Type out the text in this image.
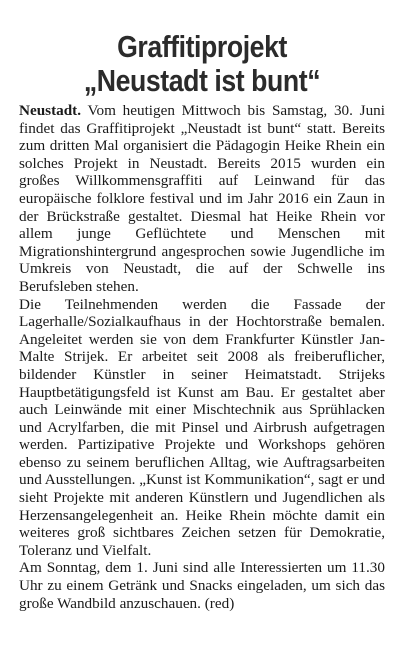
Graffitiprojekt
„Neustadt ist bunt“

Neustadt. Vom heutigen Mittwoch bis Samstag, 30. Juni findet das Graffitiprojekt „Neustadt ist bunt“ statt. Bereits zum dritten Mal organisiert die Pädagogin Heike Rhein ein solches Projekt in Neustadt. Bereits 2015 wurden ein großes Willkommensgraffiti auf Leinwand für das europäische folklore festival und im Jahr 2016 ein Zaun in der Brückstraße gestaltet. Diesmal hat Heike Rhein vor allem junge Geflüchtete und Menschen mit Migrationshintergrund angesprochen sowie Jugendliche im Umkreis von Neustadt, die auf der Schwelle ins Berufsleben stehen.

Die Teilnehmenden werden die Fassade der Lagerhalle/Sozialkaufhaus in der Hochtorstraße bemalen. Angeleitet werden sie von dem Frankfurter Künstler Jan-Malte Strijek. Er arbeitet seit 2008 als freiberuflicher, bildender Künstler in seiner Heimatstadt. Strijeks Hauptbetätigungsfeld ist Kunst am Bau. Er gestaltet aber auch Leinwände mit einer Mischtechnik aus Sprühlacken und Acrylfarben, die mit Pinsel und Airbrush aufgetragen werden. Partizipative Projekte und Workshops gehören ebenso zu seinem beruflichen Alltag, wie Auftragsarbeiten und Ausstellungen. „Kunst ist Kommunikation“, sagt er und sieht Projekte mit anderen Künstlern und Jugendlichen als Herzensangelegenheit an. Heike Rhein möchte damit ein weiteres groß sichtbares Zeichen setzen für Demokratie, Toleranz und Vielfalt.

Am Sonntag, dem 1. Juni sind alle Interessierten um 11.30 Uhr zu einem Getränk und Snacks eingeladen, um sich das große Wandbild anzuschauen. (red)
